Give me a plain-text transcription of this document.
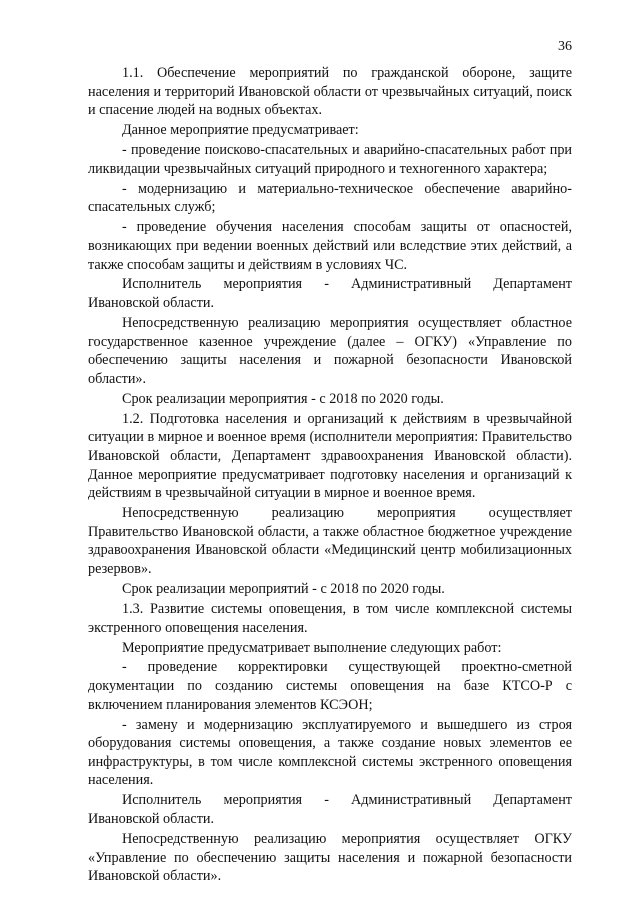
36

1.1. Обеспечение мероприятий по гражданской обороне, защите населения и территорий Ивановской области от чрезвычайных ситуаций, поиск и спасение людей на водных объектах.

Данное мероприятие предусматривает:

- проведение поисково-спасательных и аварийно-спасательных работ при ликвидации чрезвычайных ситуаций природного и техногенного характера;

- модернизацию и материально-техническое обеспечение аварийно-спасательных служб;

- проведение обучения населения способам защиты от опасностей, возникающих при ведении военных действий или вследствие этих действий, а также способам защиты и действиям в условиях ЧС.

Исполнитель мероприятия - Административный Департамент Ивановской области.

Непосредственную реализацию мероприятия осуществляет областное государственное казенное учреждение (далее – ОГКУ) «Управление по обеспечению защиты населения и пожарной безопасности Ивановской области».

Срок реализации мероприятия - с 2018 по 2020 годы.

1.2. Подготовка населения и организаций к действиям в чрезвычайной ситуации в мирное и военное время (исполнители мероприятия: Правительство Ивановской области, Департамент здравоохранения Ивановской области). Данное мероприятие предусматривает подготовку населения и организаций к действиям в чрезвычайной ситуации в мирное и военное время.

Непосредственную реализацию мероприятия осуществляет Правительство Ивановской области, а также областное бюджетное учреждение здравоохранения Ивановской области «Медицинский центр мобилизационных резервов».

Срок реализации мероприятий - с 2018 по 2020 годы.

1.3. Развитие системы оповещения, в том числе комплексной системы экстренного оповещения населения.

Мероприятие предусматривает выполнение следующих работ:

- проведение корректировки существующей проектно-сметной документации по созданию системы оповещения на базе КТСО-Р с включением планирования элементов КСЭОН;

- замену и модернизацию эксплуатируемого и вышедшего из строя оборудования системы оповещения, а также создание новых элементов ее инфраструктуры, в том числе комплексной системы экстренного оповещения населения.

Исполнитель мероприятия - Административный Департамент Ивановской области.

Непосредственную реализацию мероприятия осуществляет ОГКУ «Управление по обеспечению защиты населения и пожарной безопасности Ивановской области».
